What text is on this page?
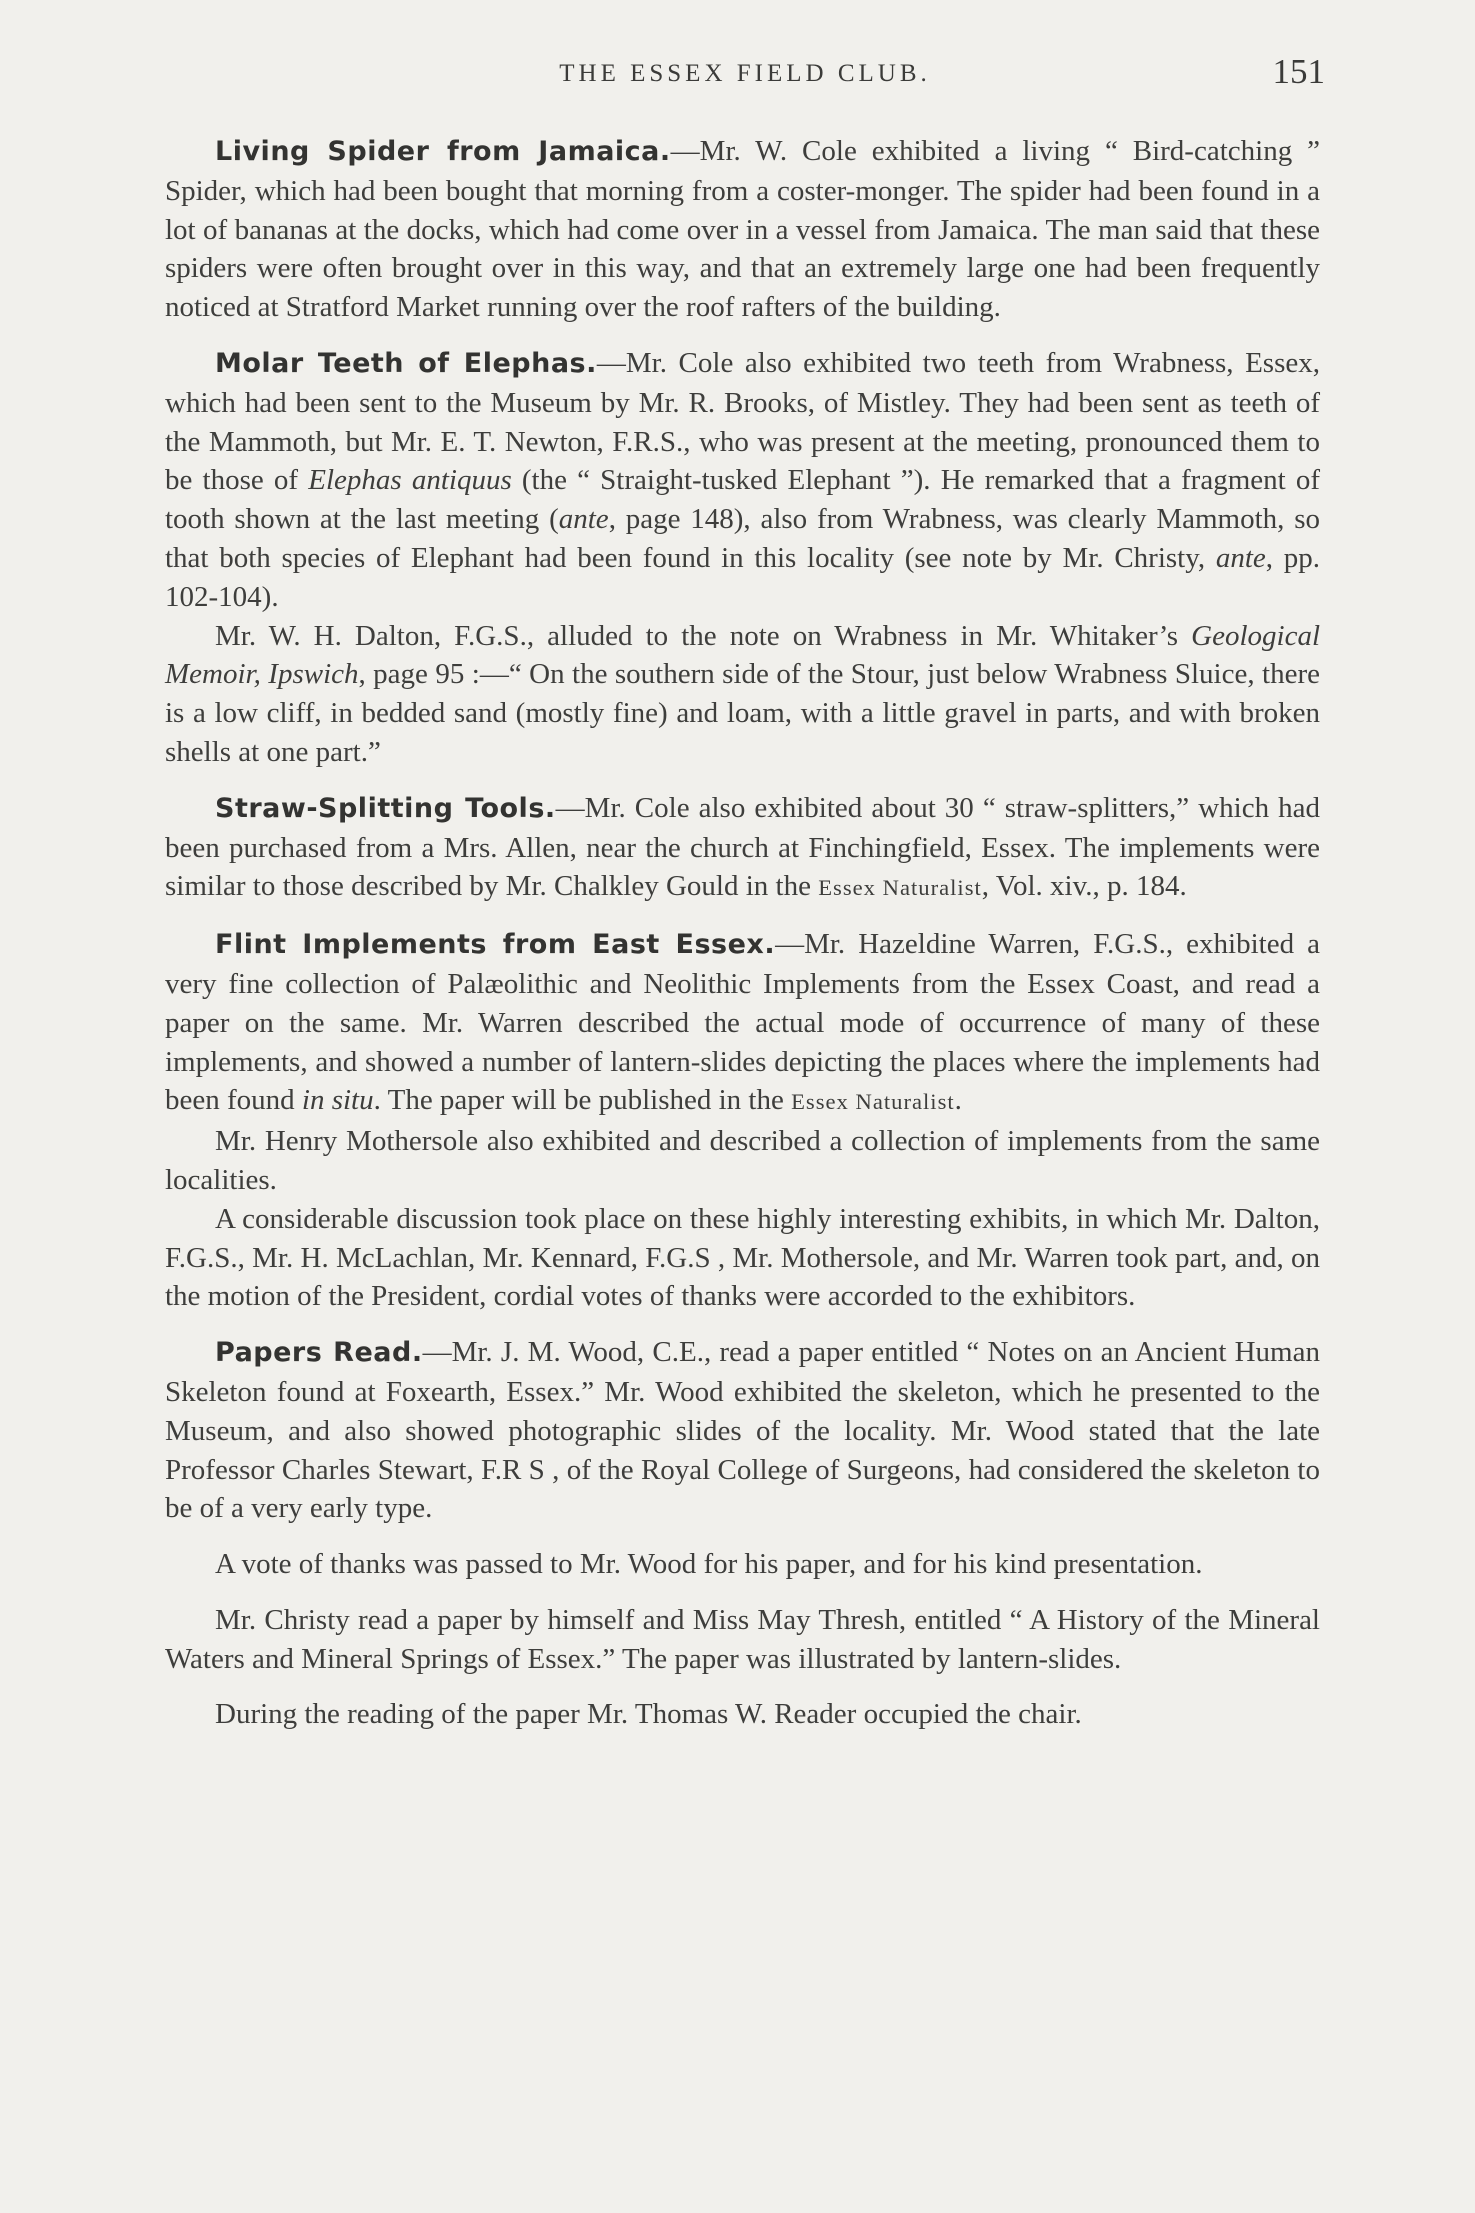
THE ESSEX FIELD CLUB.	151

Living Spider from Jamaica.—Mr. W. Cole exhibited a living “ Bird-catching ” Spider, which had been bought that morning from a coster-monger. The spider had been found in a lot of bananas at the docks, which had come over in a vessel from Jamaica. The man said that these spiders were often brought over in this way, and that an extremely large one had been frequently noticed at Stratford Market running over the roof rafters of the building.

Molar Teeth of Elephas.—Mr. Cole also exhibited two teeth from Wrabness, Essex, which had been sent to the Museum by Mr. R. Brooks, of Mistley. They had been sent as teeth of the Mammoth, but Mr. E. T. Newton, F.R.S., who was present at the meeting, pronounced them to be those of Elephas antiquus (the “ Straight-tusked Elephant ”). He remarked that a fragment of tooth shown at the last meeting (ante, page 148), also from Wrabness, was clearly Mammoth, so that both species of Elephant had been found in this locality (see note by Mr. Christy, ante, pp. 102-104).

Mr. W. H. Dalton, F.G.S., alluded to the note on Wrabness in Mr. Whitaker’s Geological Memoir, Ipswich, page 95 :—“ On the southern side of the Stour, just below Wrabness Sluice, there is a low cliff, in bedded sand (mostly fine) and loam, with a little gravel in parts, and with broken shells at one part.”

Straw-Splitting Tools.—Mr. Cole also exhibited about 30 “ straw-splitters,” which had been purchased from a Mrs. Allen, near the church at Finchingfield, Essex. The implements were similar to those described by Mr. Chalkley Gould in the Essex Naturalist, Vol. xiv., p. 184.

Flint Implements from East Essex.—Mr. Hazeldine Warren, F.G.S., exhibited a very fine collection of Palæolithic and Neolithic Implements from the Essex Coast, and read a paper on the same. Mr. Warren described the actual mode of occurrence of many of these implements, and showed a number of lantern-slides depicting the places where the implements had been found in situ. The paper will be published in the Essex Naturalist.

Mr. Henry Mothersole also exhibited and described a collection of implements from the same localities.

A considerable discussion took place on these highly interesting exhibits, in which Mr. Dalton, F.G.S., Mr. H. McLachlan, Mr. Kennard, F.G.S , Mr. Mothersole, and Mr. Warren took part, and, on the motion of the President, cordial votes of thanks were accorded to the exhibitors.

Papers Read.—Mr. J. M. Wood, C.E., read a paper entitled “ Notes on an Ancient Human Skeleton found at Foxearth, Essex.” Mr. Wood exhibited the skeleton, which he presented to the Museum, and also showed photographic slides of the locality. Mr. Wood stated that the late Professor Charles Stewart, F.R S , of the Royal College of Surgeons, had considered the skeleton to be of a very early type.

A vote of thanks was passed to Mr. Wood for his paper, and for his kind presentation.

Mr. Christy read a paper by himself and Miss May Thresh, entitled “ A History of the Mineral Waters and Mineral Springs of Essex.” The paper was illustrated by lantern-slides.

During the reading of the paper Mr. Thomas W. Reader occupied the chair.
